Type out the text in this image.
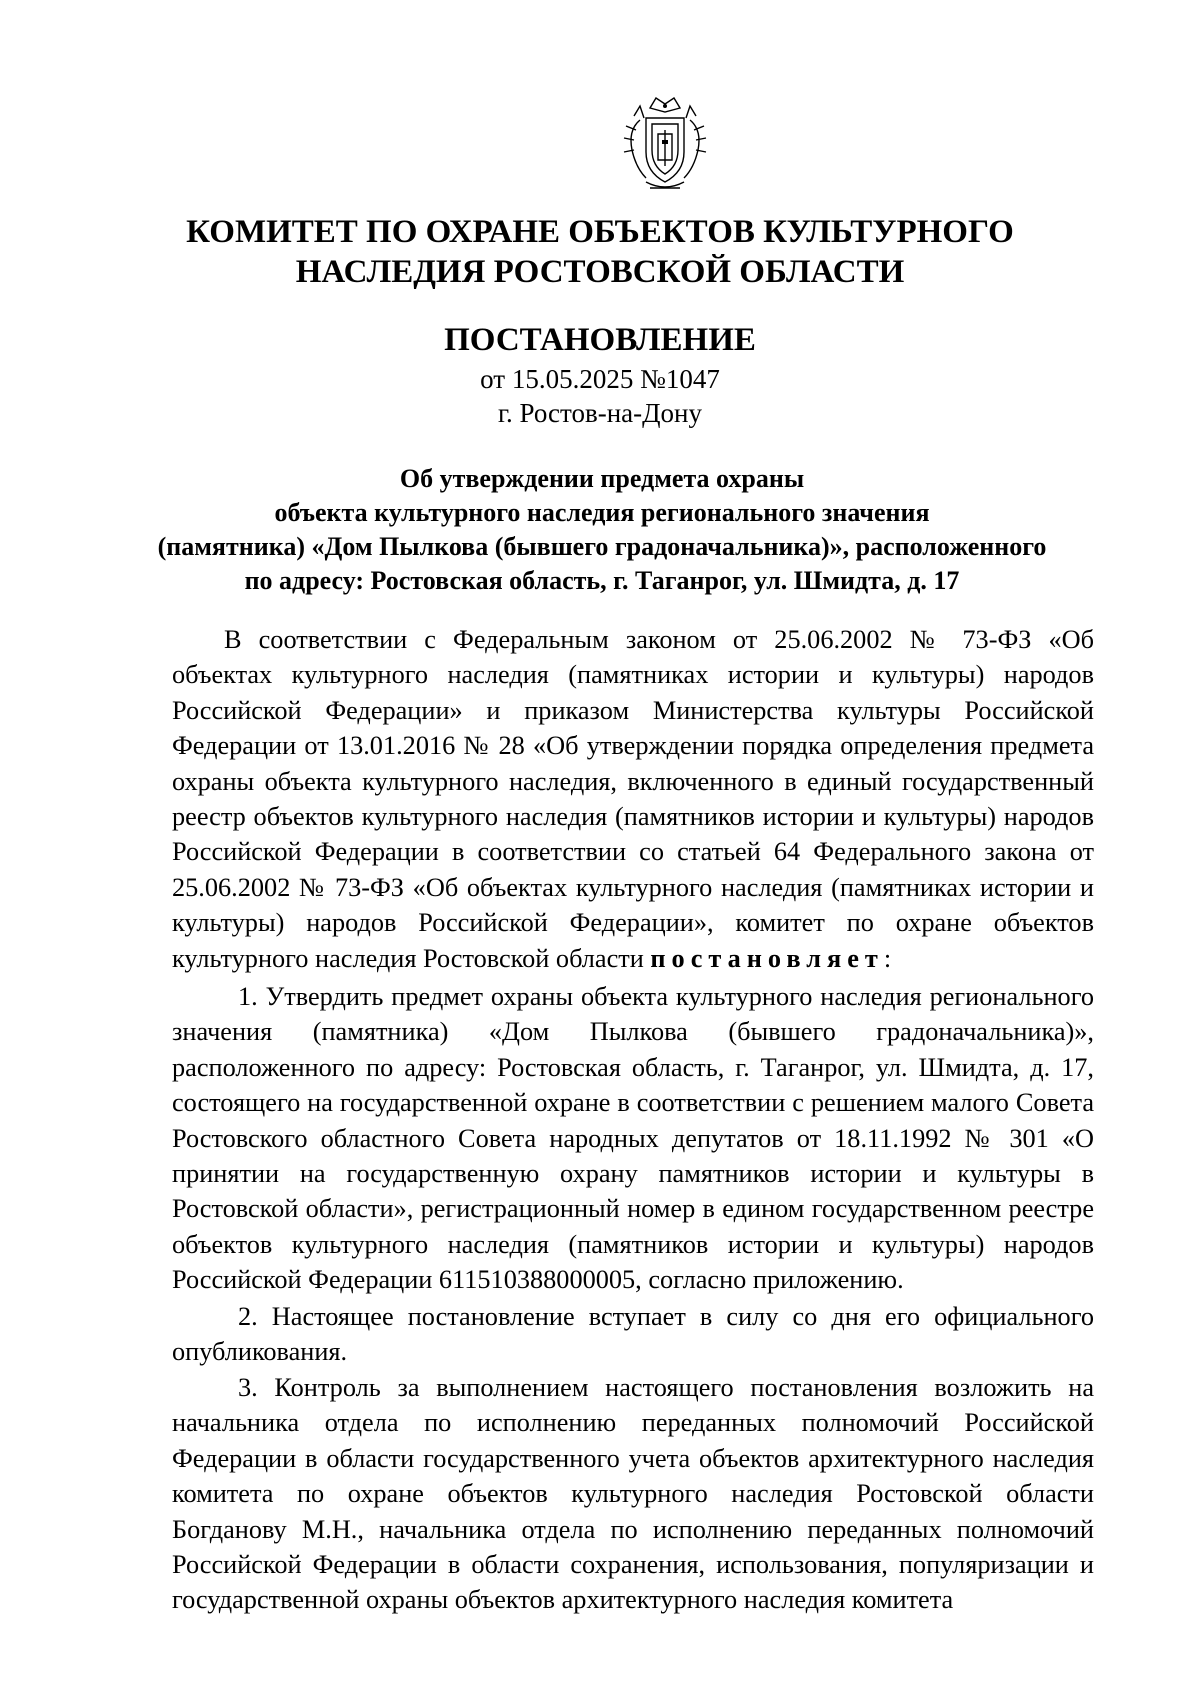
КОМИТЕТ ПО ОХРАНЕ ОБЪЕКТОВ КУЛЬТУРНОГО
НАСЛЕДИЯ РОСТОВСКОЙ ОБЛАСТИ
ПОСТАНОВЛЕНИЕ
от 15.05.2025 №1047
г. Ростов-на-Дону
Об утверждении предмета охраны
объекта культурного наследия регионального значения
(памятника) «Дом Пылкова (бывшего градоначальника)», расположенного
по адресу: Ростовская область, г. Таганрог, ул. Шмидта, д. 17

В соответствии с Федеральным законом от 25.06.2002 № 73-ФЗ «Об объектах культурного наследия (памятниках истории и культуры) народов Российской Федерации» и приказом Министерства культуры Российской Федерации от 13.01.2016 № 28 «Об утверждении порядка определения предмета охраны объекта культурного наследия, включенного в единый государственный реестр объектов культурного наследия (памятников истории и культуры) народов Российской Федерации в соответствии со статьей 64 Федерального закона от 25.06.2002 № 73-ФЗ «Об объектах культурного наследия (памятниках истории и культуры) народов Российской Федерации», комитет по охране объектов культурного наследия Ростовской области постановляет:

1. Утвердить предмет охраны объекта культурного наследия регионального значения (памятника) «Дом Пылкова (бывшего градоначальника)», расположенного по адресу: Ростовская область, г. Таганрог, ул. Шмидта, д. 17, состоящего на государственной охране в соответствии с решением малого Совета Ростовского областного Совета народных депутатов от 18.11.1992 № 301 «О принятии на государственную охрану памятников истории и культуры в Ростовской области», регистрационный номер в едином государственном реестре объектов культурного наследия (памятников истории и культуры) народов Российской Федерации 611510388000005, согласно приложению.

2. Настоящее постановление вступает в силу со дня его официального опубликования.

3. Контроль за выполнением настоящего постановления возложить на начальника отдела по исполнению переданных полномочий Российской Федерации в области государственного учета объектов архитектурного наследия комитета по охране объектов культурного наследия Ростовской области Богданову М.Н., начальника отдела по исполнению переданных полномочий Российской Федерации в области сохранения, использования, популяризации и государственной охраны объектов архитектурного наследия комитета
